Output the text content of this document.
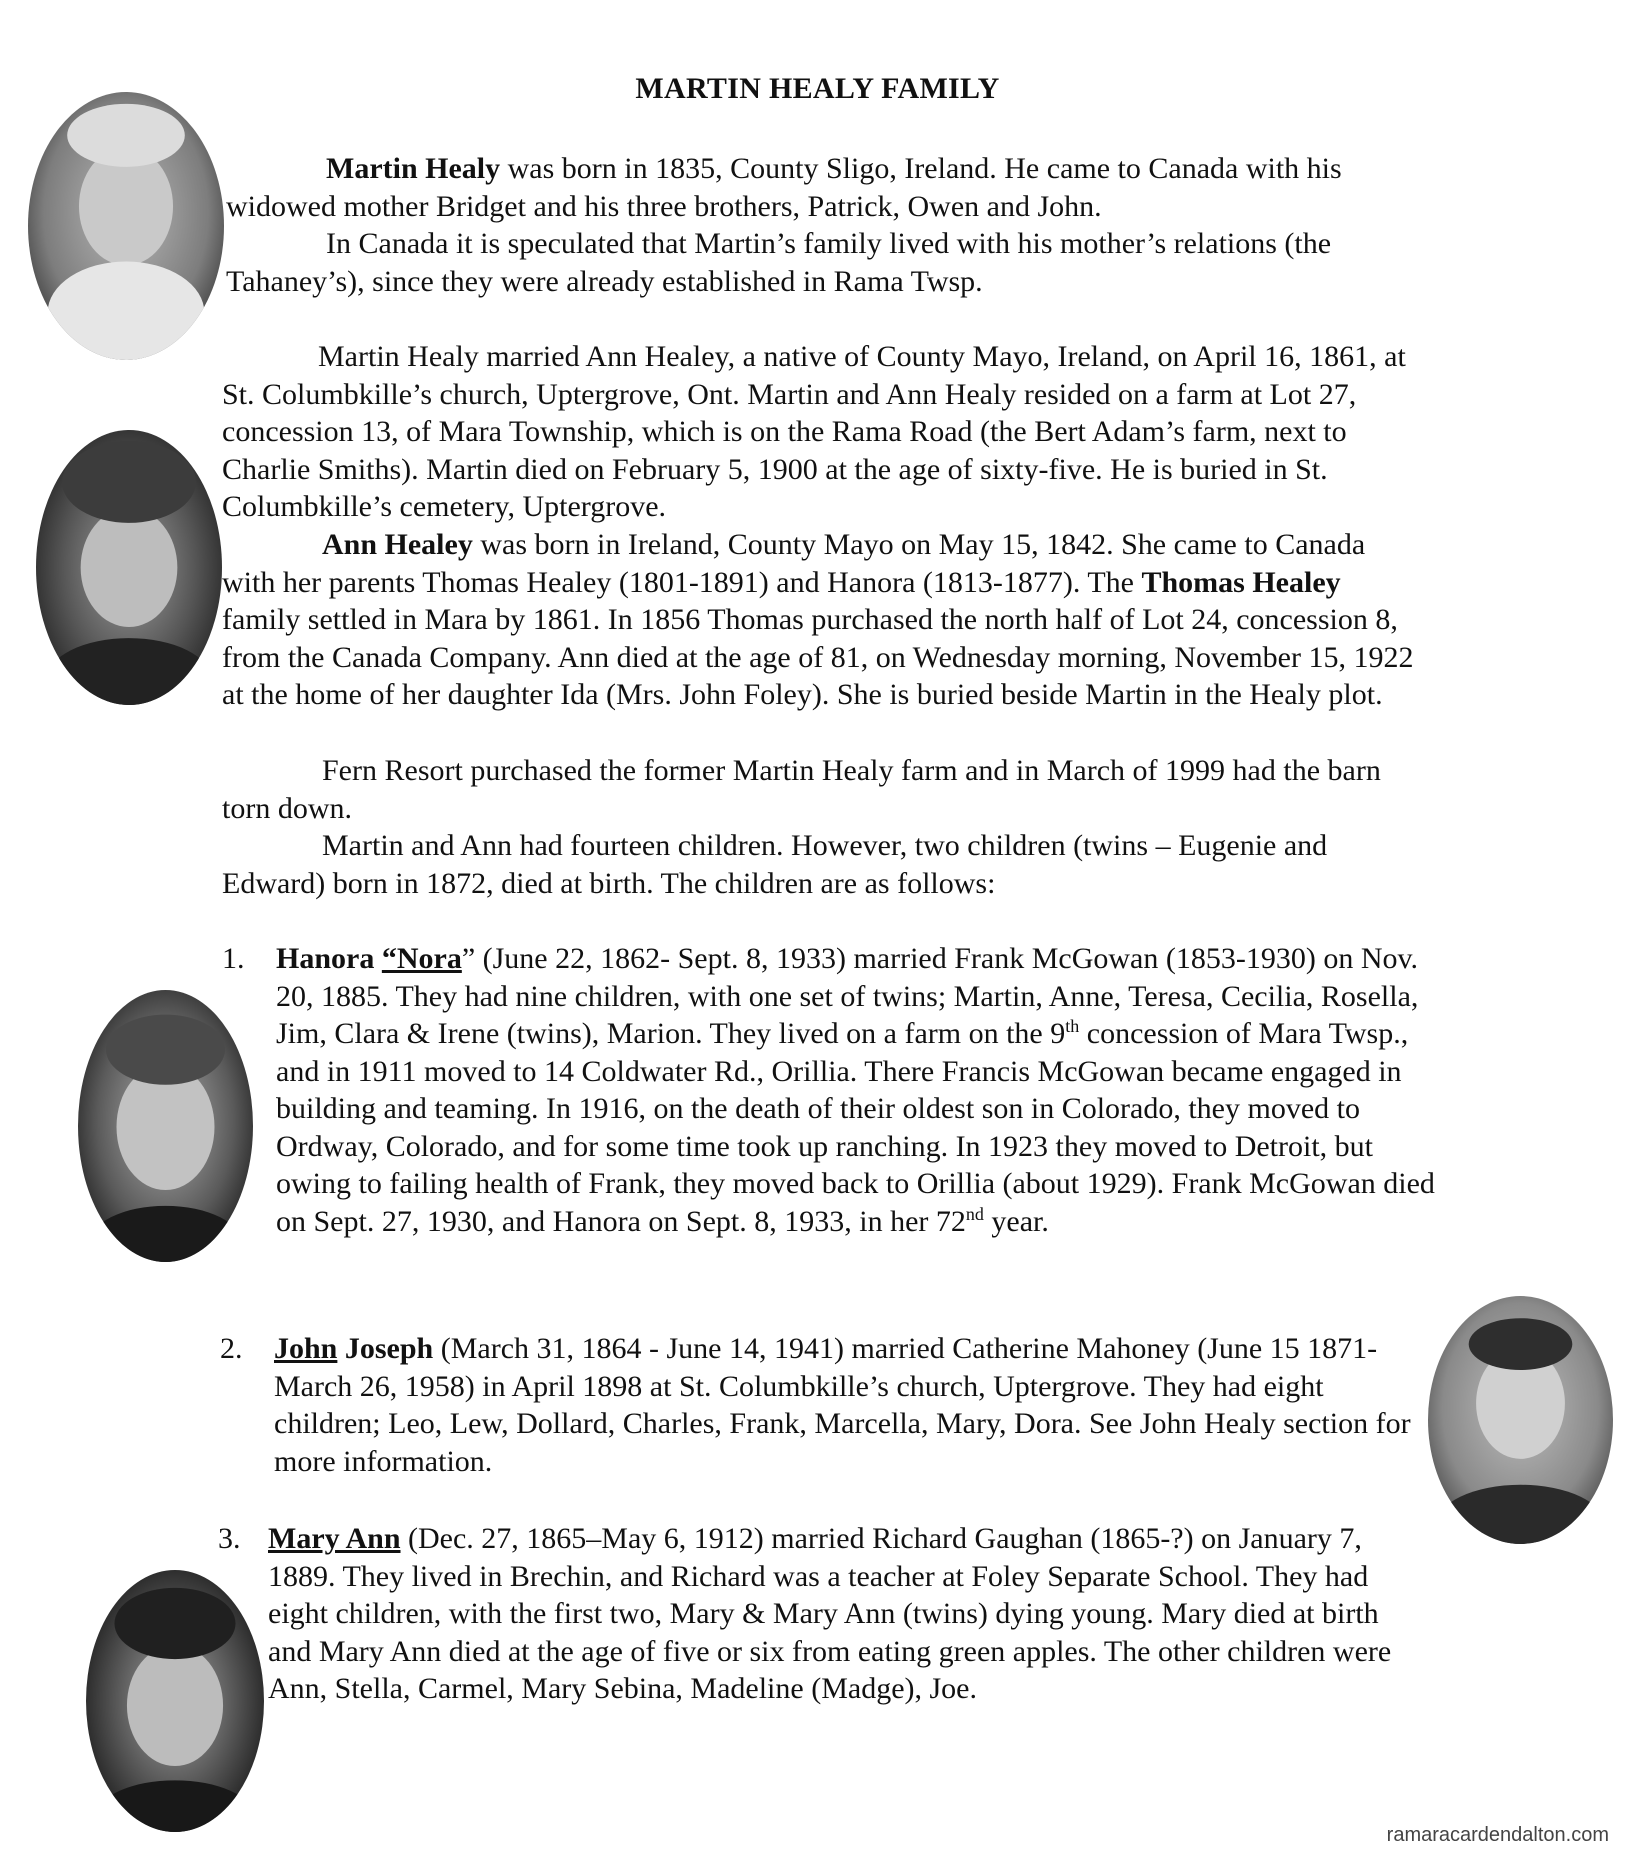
MARTIN HEALY FAMILY

Martin Healy was born in 1835, County Sligo, Ireland. He came to Canada with his widowed mother Bridget and his three brothers, Patrick, Owen and John.

In Canada it is speculated that Martin’s family lived with his mother’s relations (the Tahaney’s), since they were already established in Rama Twsp.

Martin Healy married Ann Healey, a native of County Mayo, Ireland, on April 16, 1861, at St. Columbkille’s church, Uptergrove, Ont. Martin and Ann Healy resided on a farm at Lot 27, concession 13, of Mara Township, which is on the Rama Road (the Bert Adam’s farm, next to Charlie Smiths). Martin died on February 5, 1900 at the age of sixty-five. He is buried in St. Columbkille’s cemetery, Uptergrove.

Ann Healey was born in Ireland, County Mayo on May 15, 1842. She came to Canada with her parents Thomas Healey (1801-1891) and Hanora (1813-1877). The Thomas Healey family settled in Mara by 1861. In 1856 Thomas purchased the north half of Lot 24, concession 8, from the Canada Company. Ann died at the age of 81, on Wednesday morning, November 15, 1922 at the home of her daughter Ida (Mrs. John Foley). She is buried beside Martin in the Healy plot.

Fern Resort purchased the former Martin Healy farm and in March of 1999 had the barn torn down.

Martin and Ann had fourteen children. However, two children (twins – Eugenie and Edward) born in 1872, died at birth. The children are as follows:

1. Hanora “Nora” (June 22, 1862- Sept. 8, 1933) married Frank McGowan (1853-1930) on Nov. 20, 1885. They had nine children, with one set of twins; Martin, Anne, Teresa, Cecilia, Rosella, Jim, Clara & Irene (twins), Marion. They lived on a farm on the 9th concession of Mara Twsp., and in 1911 moved to 14 Coldwater Rd., Orillia. There Francis McGowan became engaged in building and teaming. In 1916, on the death of their oldest son in Colorado, they moved to Ordway, Colorado, and for some time took up ranching. In 1923 they moved to Detroit, but owing to failing health of Frank, they moved back to Orillia (about 1929). Frank McGowan died on Sept. 27, 1930, and Hanora on Sept. 8, 1933, in her 72nd year.

2. John Joseph (March 31, 1864 - June 14, 1941) married Catherine Mahoney (June 15 1871- March 26, 1958) in April 1898 at St. Columbkille’s church, Uptergrove. They had eight children; Leo, Lew, Dollard, Charles, Frank, Marcella, Mary, Dora. See John Healy section for more information.

3. Mary Ann (Dec. 27, 1865–May 6, 1912) married Richard Gaughan (1865-?) on January 7, 1889. They lived in Brechin, and Richard was a teacher at Foley Separate School. They had eight children, with the first two, Mary & Mary Ann (twins) dying young. Mary died at birth and Mary Ann died at the age of five or six from eating green apples. The other children were Ann, Stella, Carmel, Mary Sebina, Madeline (Madge), Joe.

ramaracardendalton.com
